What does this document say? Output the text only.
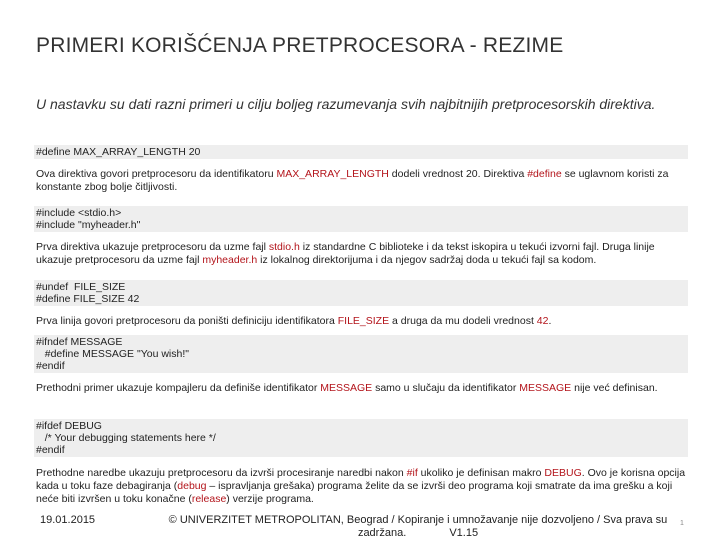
PRIMERI KORIŠĆENJA PRETPROCESORA - REZIME
U nastavku su dati razni primeri u cilju boljeg razumevanja svih najbitnijih pretprocesorskih direktiva.
#define MAX_ARRAY_LENGTH 20
Ova direktiva govori pretprocesoru da identifikatoru MAX_ARRAY_LENGTH dodeli vrednost 20. Direktiva #define se uglavnom koristi za konstante zbog bolje čitljivosti.
#include <stdio.h>
#include "myheader.h"
Prva direktiva ukazuje pretprocesoru da uzme fajl stdio.h iz standardne C biblioteke i da tekst iskopira u tekući izvorni fajl. Druga linije ukazuje pretprocesoru da uzme fajl myheader.h iz lokalnog direktorijuma i da njegov sadržaj doda u tekući fajl sa kodom.
#undef  FILE_SIZE
#define FILE_SIZE 42
Prva linija govori pretprocesoru da poništi definiciju identifikatora FILE_SIZE a druga da mu dodeli vrednost 42.
#ifndef MESSAGE
#define MESSAGE "You wish!"
#endif
Prethodni primer ukazuje kompajleru da definiše identifikator MESSAGE samo u slučaju da identifikator MESSAGE nije već definisan.
#ifdef DEBUG
/* Your debugging statements here */
#endif
Prethodne naredbe ukazuju pretprocesoru da izvrši procesiranje naredbi nakon #if ukoliko je definisan makro DEBUG. Ovo je korisna opcija kada u toku faze debagiranja (debug – ispravljanja grešaka) programa želite da se izvrši deo programa koji smatrate da ima grešku a koji neće biti izvršen u toku konačne (release) verzije programa.
19.01.2015	© UNIVERZITET METROPOLITAN, Beograd / Kopiranje i umnožavanje nije dozvoljeno / Sva prava su zadržana.	V1.15
1
